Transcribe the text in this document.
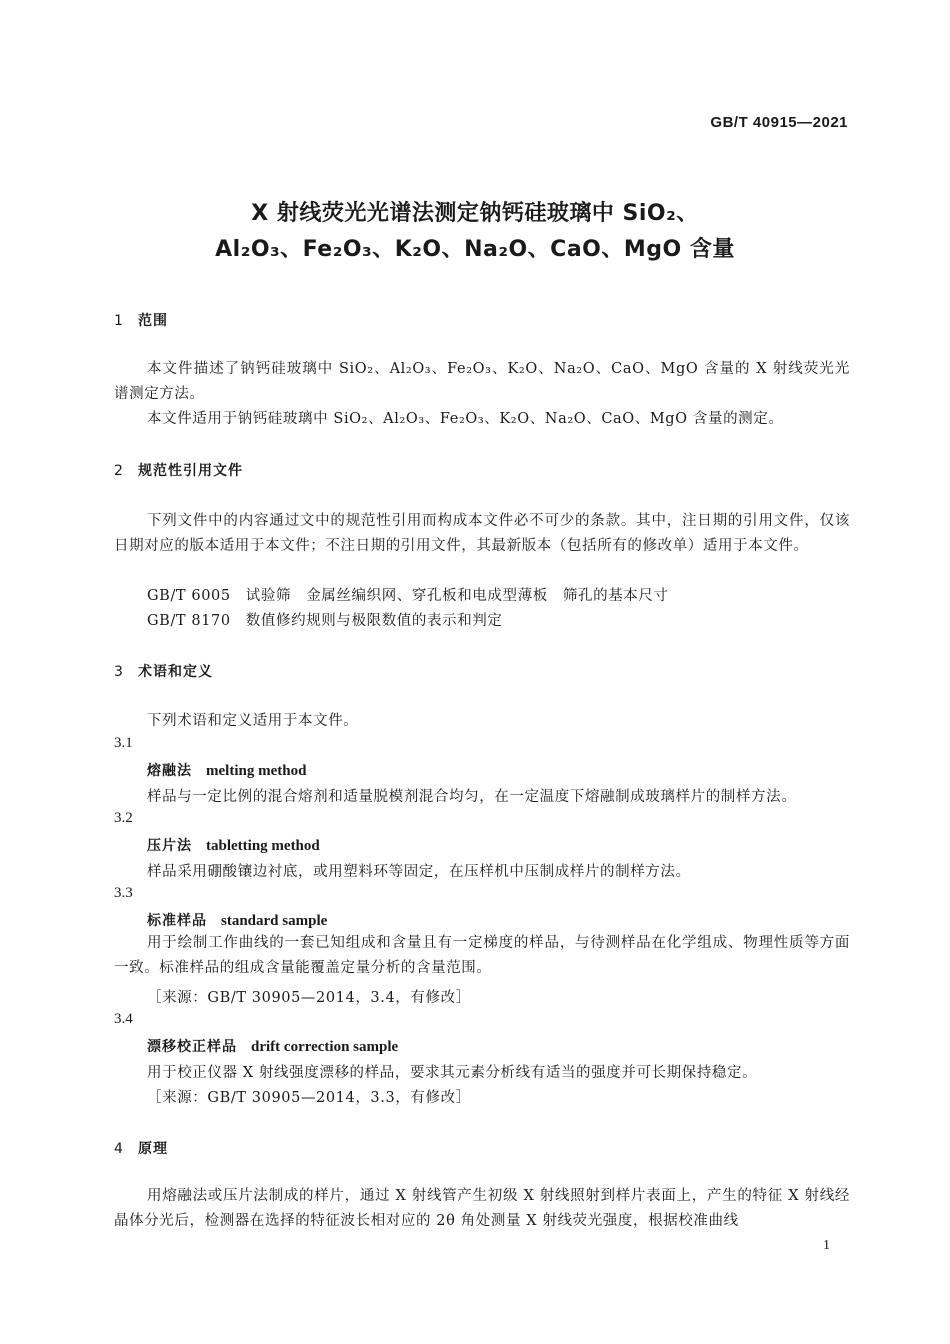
GB/T 40915—2021
X 射线荧光光谱法测定钠钙硅玻璃中 SiO₂、
Al₂O₃、Fe₂O₃、K₂O、Na₂O、CaO、MgO 含量
1 范围
本文件描述了钠钙硅玻璃中 SiO₂、Al₂O₃、Fe₂O₃、K₂O、Na₂O、CaO、MgO 含量的 X 射线荧光光谱测定方法。
本文件适用于钠钙硅玻璃中 SiO₂、Al₂O₃、Fe₂O₃、K₂O、Na₂O、CaO、MgO 含量的测定。
2 规范性引用文件
下列文件中的内容通过文中的规范性引用而构成本文件必不可少的条款。其中，注日期的引用文件，仅该日期对应的版本适用于本文件；不注日期的引用文件，其最新版本（包括所有的修改单）适用于本文件。
GB/T 6005　试验筛　金属丝编织网、穿孔板和电成型薄板　筛孔的基本尺寸
GB/T 8170　数值修约规则与极限数值的表示和判定
3 术语和定义
下列术语和定义适用于本文件。
3.1
熔融法 melting method
样品与一定比例的混合熔剂和适量脱模剂混合均匀，在一定温度下熔融制成玻璃样片的制样方法。
3.2
压片法 tabletting method
样品采用硼酸镶边衬底，或用塑料环等固定，在压样机中压制成样片的制样方法。
3.3
标准样品 standard sample
用于绘制工作曲线的一套已知组成和含量且有一定梯度的样品，与待测样品在化学组成、物理性质等方面一致。标准样品的组成含量能覆盖定量分析的含量范围。
［来源：GB/T 30905—2014，3.4，有修改］
3.4
漂移校正样品 drift correction sample
用于校正仪器 X 射线强度漂移的样品，要求其元素分析线有适当的强度并可长期保持稳定。
［来源：GB/T 30905—2014，3.3，有修改］
4 原理
用熔融法或压片法制成的样片，通过 X 射线管产生初级 X 射线照射到样片表面上，产生的特征 X 射线经晶体分光后，检测器在选择的特征波长相对应的 2θ 角处测量 X 射线荧光强度，根据校准曲线
1
